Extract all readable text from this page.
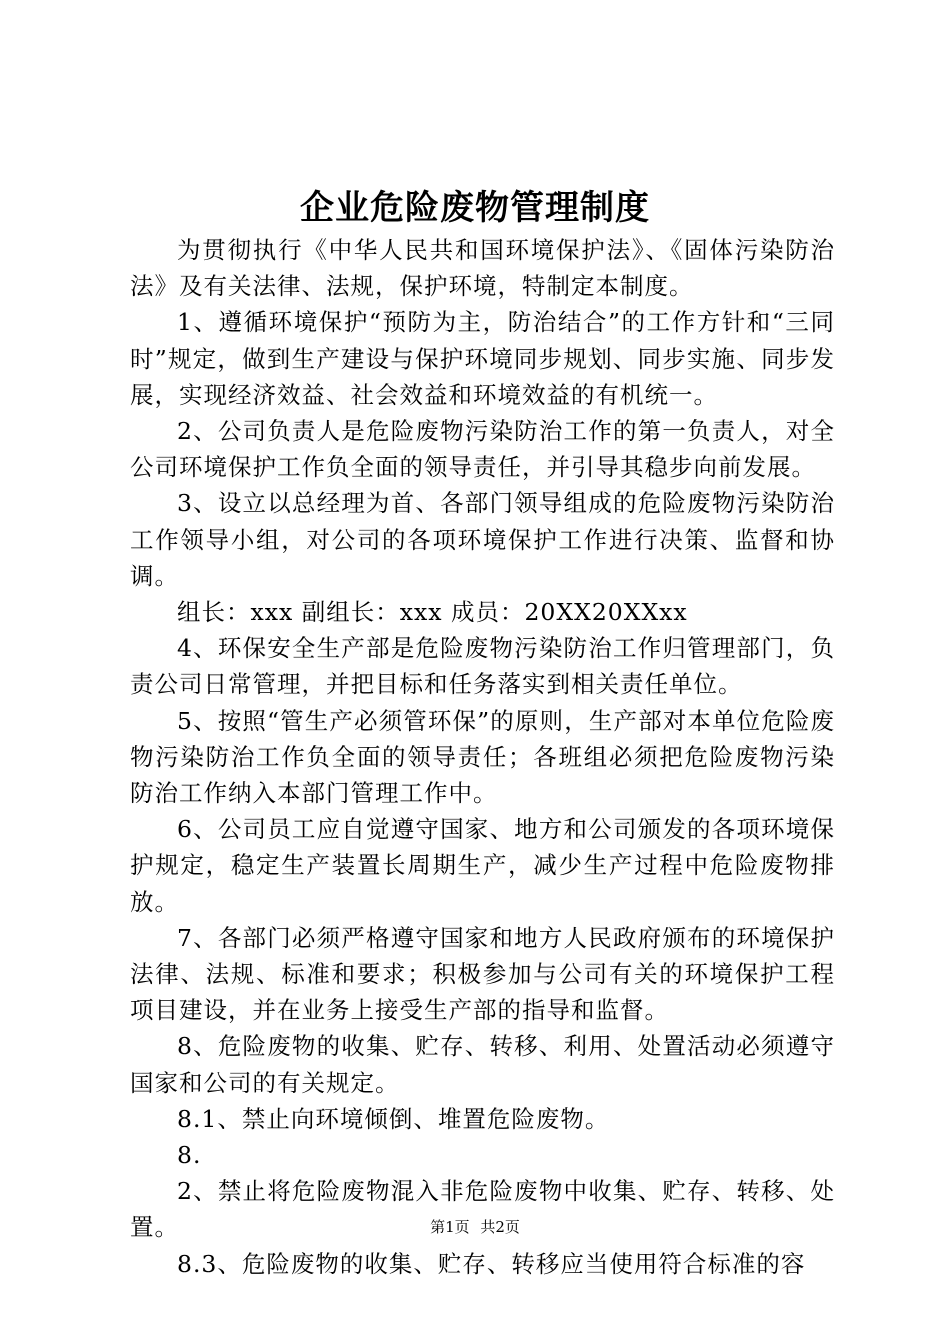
企业危险废物管理制度

为贯彻执行《中华人民共和国环境保护法》、《固体污染防治法》及有关法律、法规，保护环境，特制定本制度。

1、遵循环境保护“预防为主，防治结合”的工作方针和“三同时”规定，做到生产建设与保护环境同步规划、同步实施、同步发展，实现经济效益、社会效益和环境效益的有机统一。

2、公司负责人是危险废物污染防治工作的第一负责人，对全公司环境保护工作负全面的领导责任，并引导其稳步向前发展。

3、设立以总经理为首、各部门领导组成的危险废物污染防治工作领导小组，对公司的各项环境保护工作进行决策、监督和协调。

组长：xxx 副组长：xxx 成员：20XX20XXxx

4、环保安全生产部是危险废物污染防治工作归管理部门，负责公司日常管理，并把目标和任务落实到相关责任单位。

5、按照“管生产必须管环保”的原则，生产部对本单位危险废物污染防治工作负全面的领导责任；各班组必须把危险废物污染防治工作纳入本部门管理工作中。

6、公司员工应自觉遵守国家、地方和公司颁发的各项环境保护规定，稳定生产装置长周期生产，减少生产过程中危险废物排放。

7、各部门必须严格遵守国家和地方人民政府颁布的环境保护法律、法规、标准和要求；积极参加与公司有关的环境保护工程项目建设，并在业务上接受生产部的指导和监督。

8、危险废物的收集、贮存、转移、利用、处置活动必须遵守国家和公司的有关规定。

8.1、禁止向环境倾倒、堆置危险废物。

8.

2、禁止将危险废物混入非危险废物中收集、贮存、转移、处置。

8.3、危险废物的收集、贮存、转移应当使用符合标准的容

第1页 共2页
